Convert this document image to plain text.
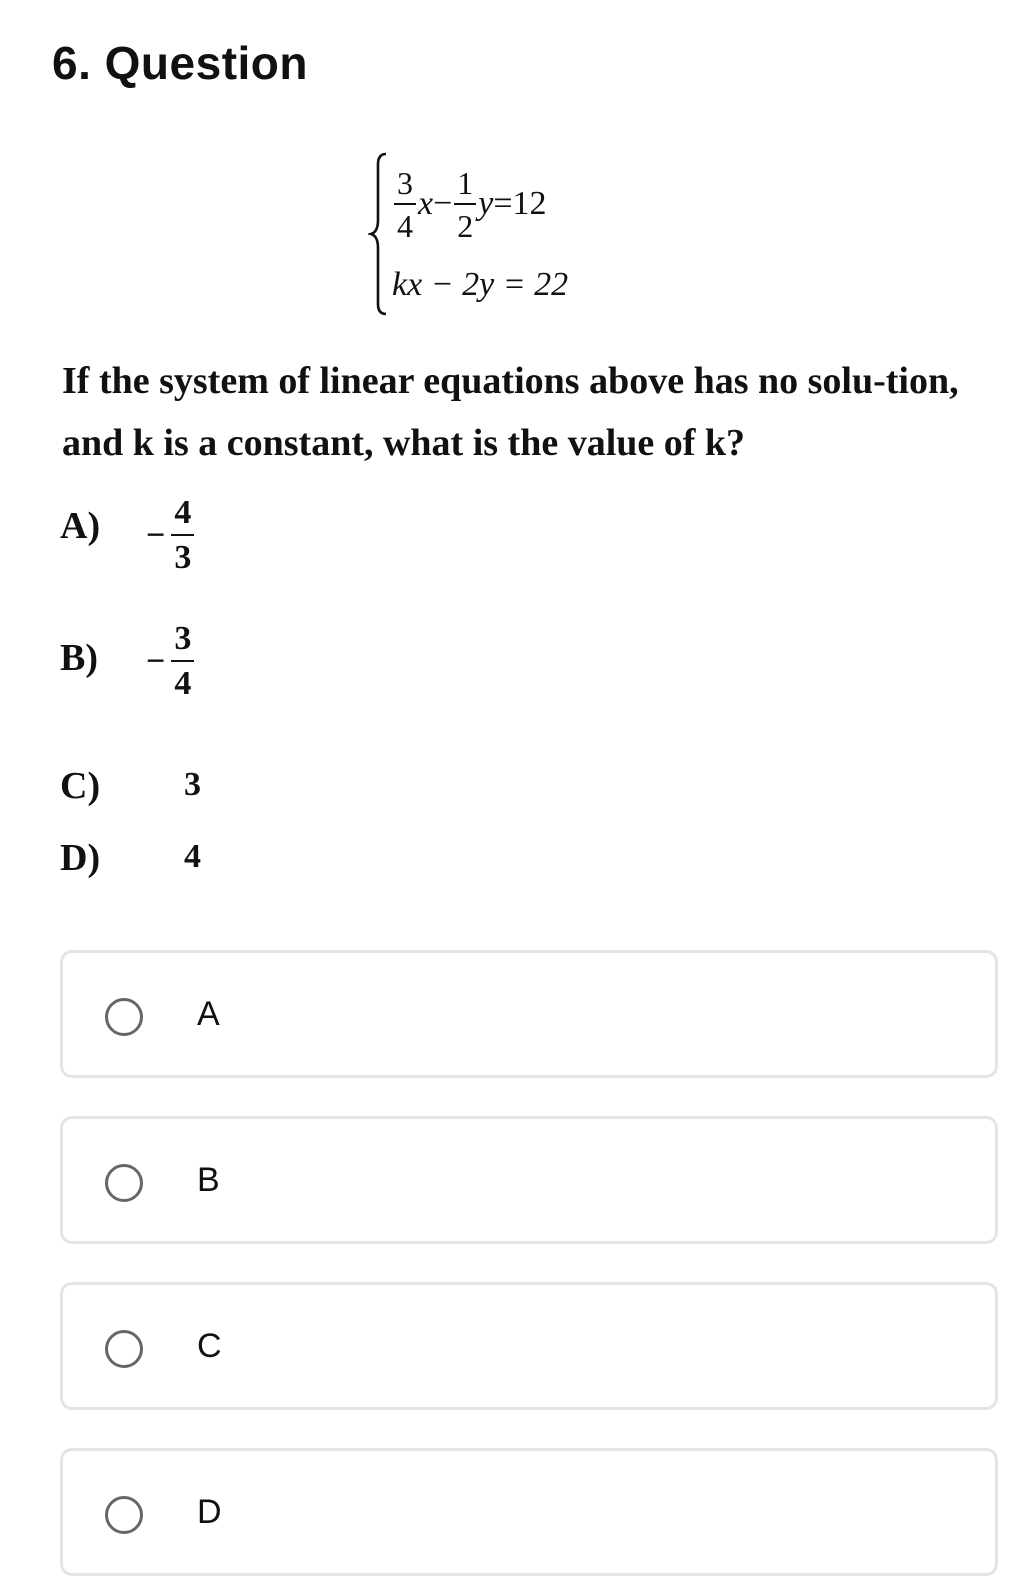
6. Question
$\frac{3}{4}$ $x - \frac{1}{2}$ y =12
kx − 2y = 22
If the system of linear equations above has no solu-tion, and k is a constant, what is the value of k?
$A) - \frac{4}{3}$
$B) - \frac{3}{4}$
C) 3
D) 4
A
B
C
D
